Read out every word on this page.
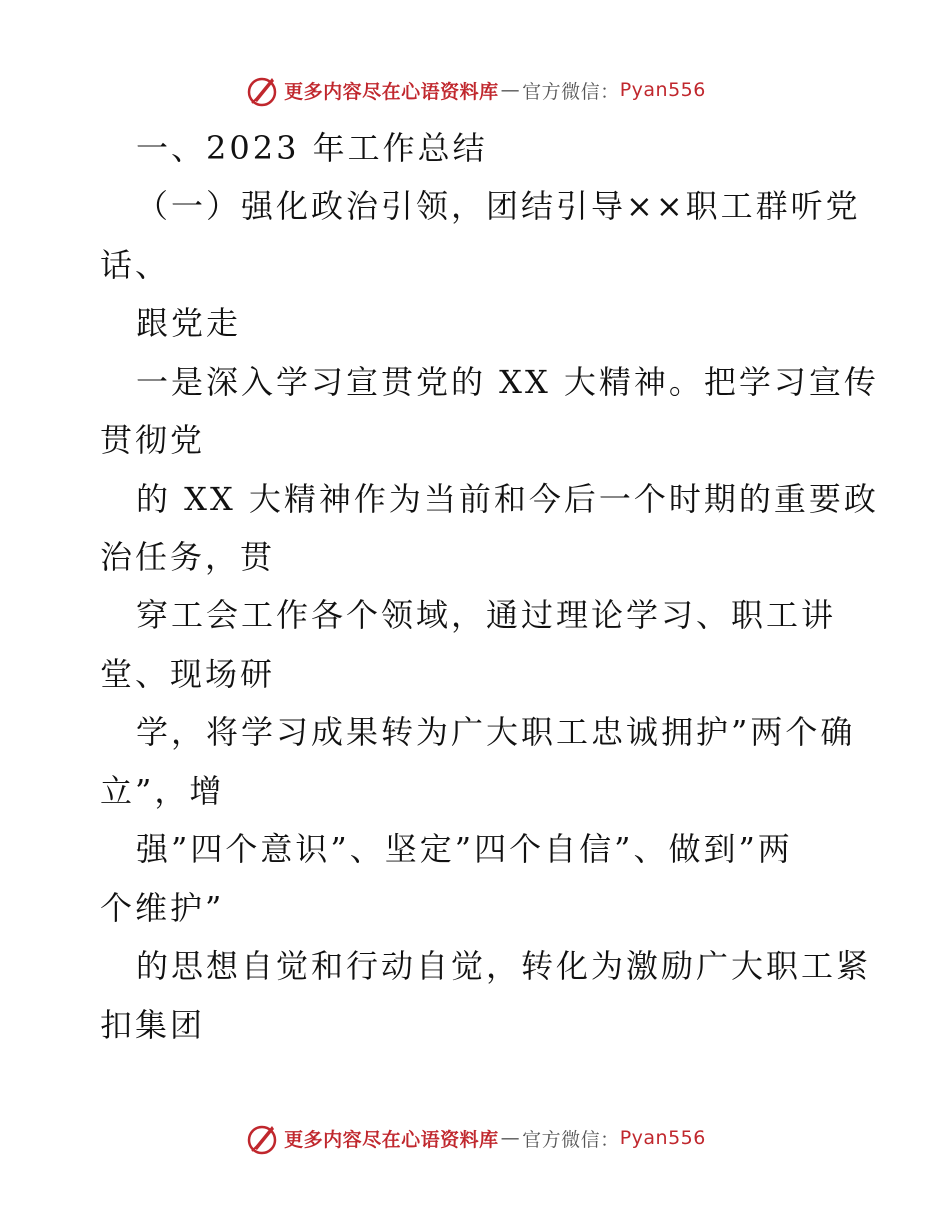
更多内容尽在心语资料库 — 官方微信： Pyan556
一、2023 年工作总结
（一）强化政治引领，团结引导××职工群听党
话、
跟党走
一是深入学习宣贯党的 XX 大精神。把学习宣传
贯彻党
的 XX 大精神作为当前和今后一个时期的重要政
治任务，贯
穿工会工作各个领域，通过理论学习、职工讲
堂、现场研
学，将学习成果转为广大职工忠诚拥护”两个确
立”，增
强”四个意识”、坚定”四个自信”、做到”两
个维护”
的思想自觉和行动自觉，转化为激励广大职工紧
扣集团
更多内容尽在心语资料库 — 官方微信： Pyan556
